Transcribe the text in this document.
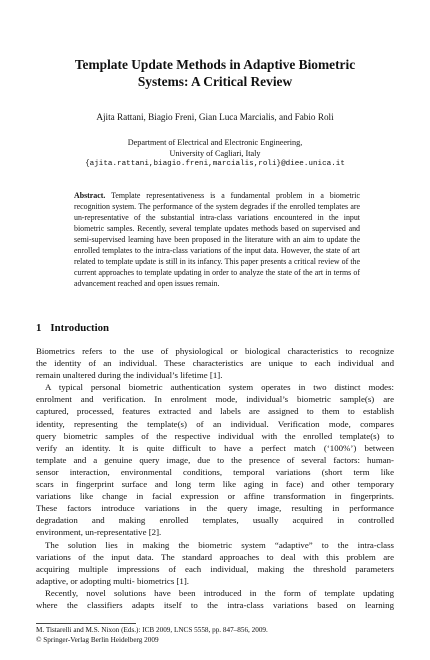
Template Update Methods in Adaptive Biometric
Systems: A Critical Review
Ajita Rattani, Biagio Freni, Gian Luca Marcialis, and Fabio Roli
Department of Electrical and Electronic Engineering,
University of Cagliari, Italy
{ajita.rattani,biagio.freni,marcialis,roli}@diee.unica.it
Abstract. Template representativeness is a fundamental problem in a biometric recognition system. The performance of the system degrades if the enrolled templates are un-representative of the substantial intra-class variations encountered in the input biometric samples. Recently, several template updates methods based on supervised and semi-supervised learning have been proposed in the literature with an aim to update the enrolled templates to the intra-class variations of the input data. However, the state of art related to template update is still in its infancy. This paper presents a critical review of the current approaches to template updating in order to analyze the state of the art in terms of advancement reached and open issues remain.
1 Introduction
Biometrics refers to the use of physiological or biological characteristics to recognize
the identity of an individual. These characteristics are unique to each individual and
remain unaltered during the individual’s lifetime [1].
A typical personal biometric authentication system operates in two distinct modes:
enrolment and verification. In enrolment mode, individual’s biometric sample(s) are
captured, processed, features extracted and labels are assigned to them to establish
identity, representing the template(s) of an individual. Verification mode, compares
query biometric samples of the respective individual with the enrolled template(s) to
verify an identity. It is quite difficult to have a perfect match (‘100%’) between
template and a genuine query image, due to the presence of several factors: human-
sensor interaction, environmental conditions, temporal variations (short term like
scars in fingerprint surface and long term like aging in face) and other temporary
variations like change in facial expression or affine transformation in fingerprints.
These factors introduce variations in the query image, resulting in performance
degradation and making enrolled templates, usually acquired in controlled
environment, un-representative [2].
The solution lies in making the biometric system “adaptive” to the intra-class
variations of the input data. The standard approaches to deal with this problem are
acquiring multiple impressions of each individual, making the threshold parameters
adaptive, or adopting multi- biometrics [1].
Recently, novel solutions have been introduced in the form of template updating
where the classifiers adapts itself to the intra-class variations based on learning
M. Tistarelli and M.S. Nixon (Eds.): ICB 2009, LNCS 5558, pp. 847–856, 2009.
© Springer-Verlag Berlin Heidelberg 2009
